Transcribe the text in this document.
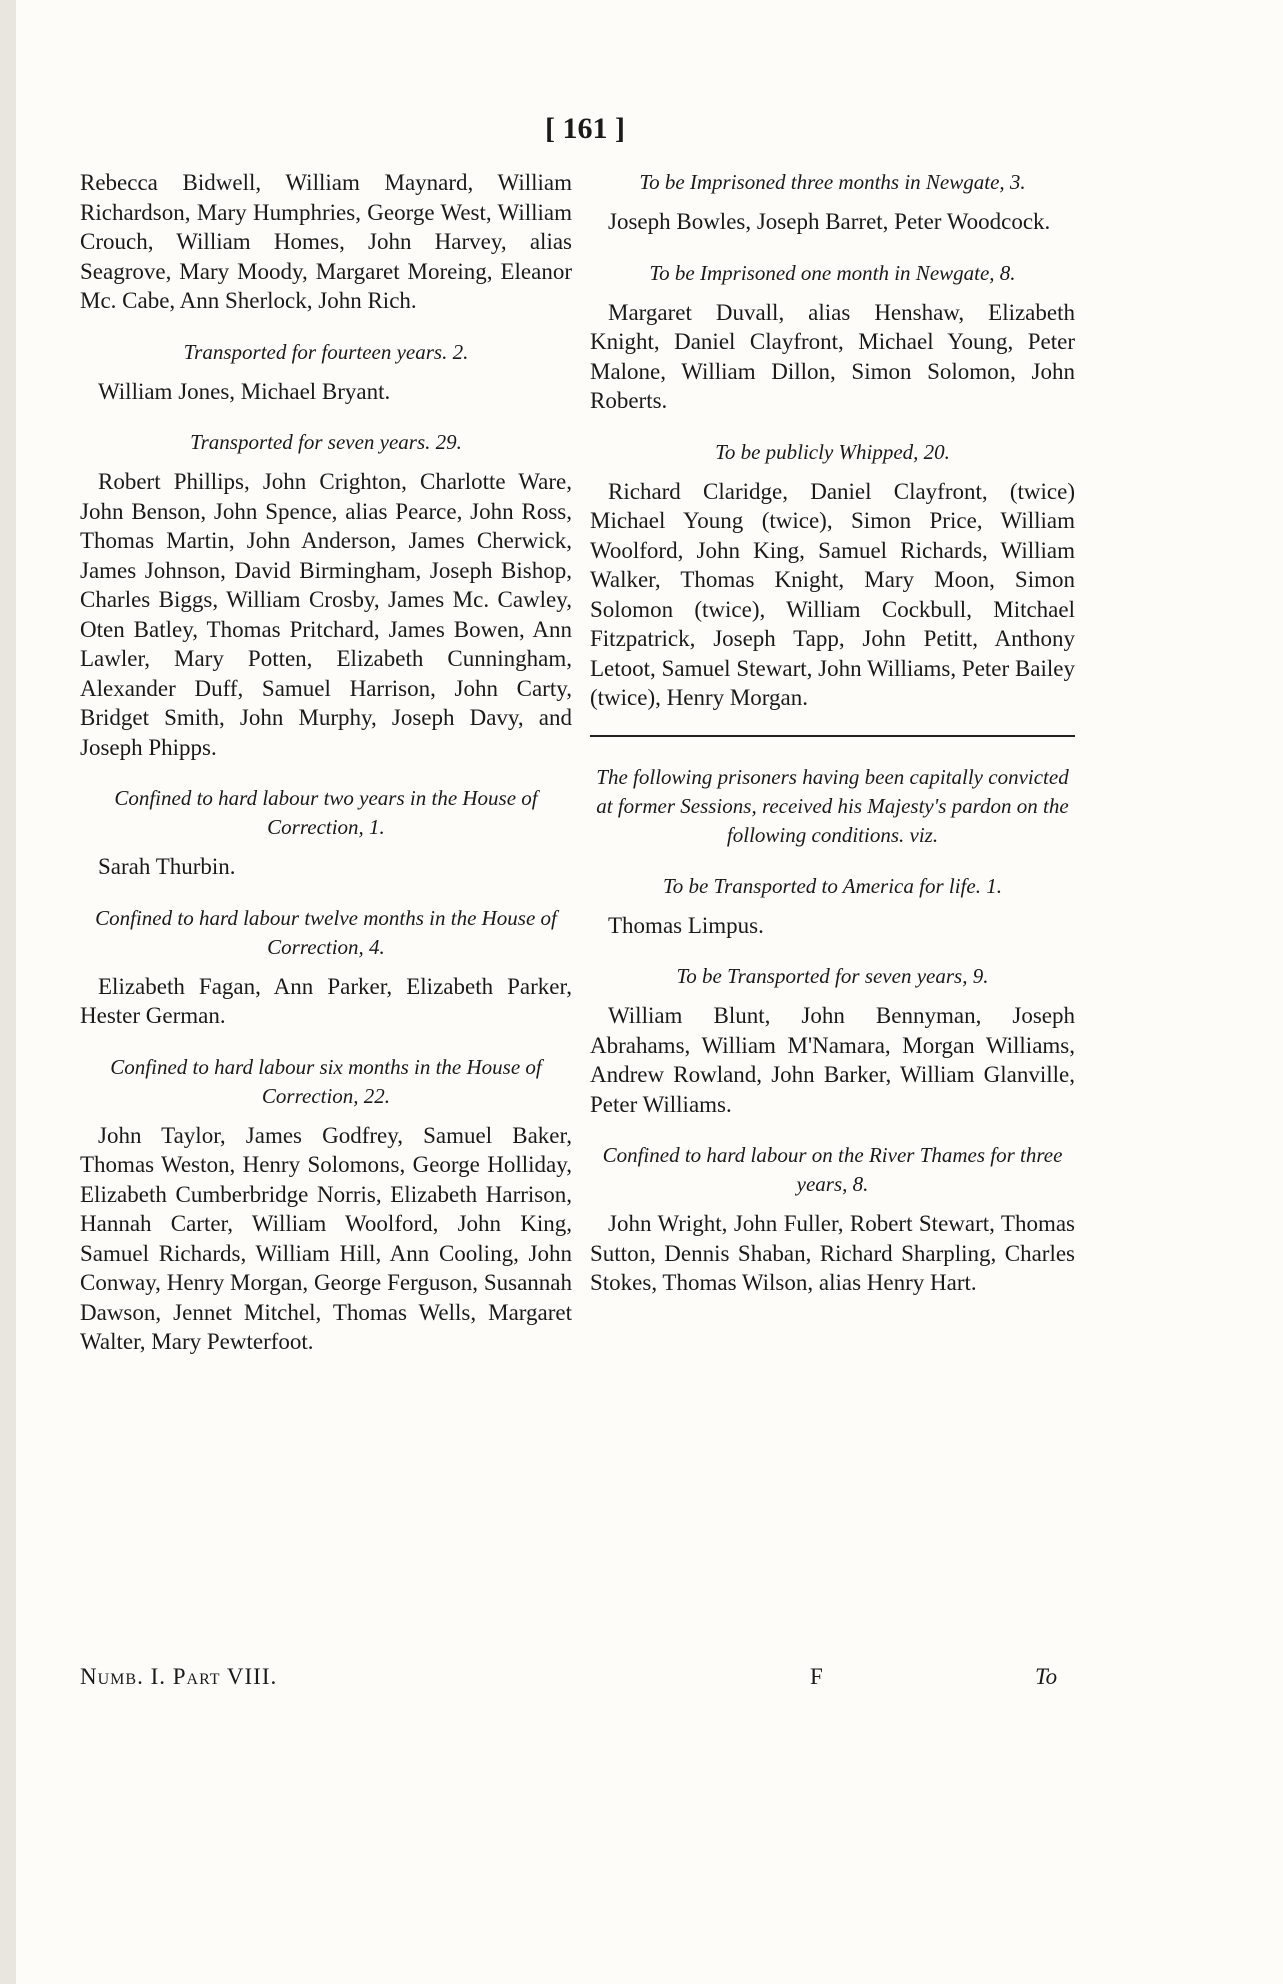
[ 161 ]

Rebecca Bidwell, William Maynard, William Richardson, Mary Humphries, George West, William Crouch, William Homes, John Harvey, alias Seagrove, Mary Moody, Margaret Moreing, Eleanor Mc. Cabe, Ann Sherlock, John Rich.

Transported for fourteen years. 2.

William Jones, Michael Bryant.

Transported for seven years. 29.

Robert Phillips, John Crighton, Charlotte Ware, John Benson, John Spence, alias Pearce, John Ross, Thomas Martin, John Anderson, James Cherwick, James Johnson, David Birmingham, Joseph Bishop, Charles Biggs, William Crosby, James Mc. Cawley, Oten Batley, Thomas Pritchard, James Bowen, Ann Lawler, Mary Potten, Elizabeth Cunningham, Alexander Duff, Samuel Harrison, John Carty, Bridget Smith, John Murphy, Joseph Davy, and Joseph Phipps.

Confined to hard labour two years in the House of Correction, 1.

Sarah Thurbin.

Confined to hard labour twelve months in the House of Correction, 4.

Elizabeth Fagan, Ann Parker, Elizabeth Parker, Hester German.

Confined to hard labour six months in the House of Correction, 22.

John Taylor, James Godfrey, Samuel Baker, Thomas Weston, Henry Solomons, George Holliday, Elizabeth Cumberbridge Norris, Elizabeth Harrison, Hannah Carter, William Woolford, John King, Samuel Richards, William Hill, Ann Cooling, John Conway, Henry Morgan, George Ferguson, Susannah Dawson, Jennet Mitchel, Thomas Wells, Margaret Walter, Mary Pewterfoot.

To be Imprisoned three months in Newgate, 3.

Joseph Bowles, Joseph Barret, Peter Woodcock.

To be Imprisoned one month in Newgate, 8.

Margaret Duvall, alias Henshaw, Elizabeth Knight, Daniel Clayfront, Michael Young, Peter Malone, William Dillon, Simon Solomon, John Roberts.

To be publicly Whipped, 20.

Richard Claridge, Daniel Clayfront, (twice) Michael Young (twice), Simon Price, William Woolford, John King, Samuel Richards, William Walker, Thomas Knight, Mary Moon, Simon Solomon (twice), William Cockbull, Mitchael Fitzpatrick, Joseph Tapp, John Petitt, Anthony Letoot, Samuel Stewart, John Williams, Peter Bailey (twice), Henry Morgan.

The following prisoners having been capitally convicted at former Sessions, received his Majesty's pardon on the following conditions. viz.

To be Transported to America for life. 1.

Thomas Limpus.

To be Transported for seven years, 9.

William Blunt, John Bennyman, Joseph Abrahams, William M'Namara, Morgan Williams, Andrew Rowland, John Barker, William Glanville, Peter Williams.

Confined to hard labour on the River Thames for three years, 8.

John Wright, John Fuller, Robert Stewart, Thomas Sutton, Dennis Shaban, Richard Sharpling, Charles Stokes, Thomas Wilson, alias Henry Hart.

Numb. I. Part VIII.	F	To
